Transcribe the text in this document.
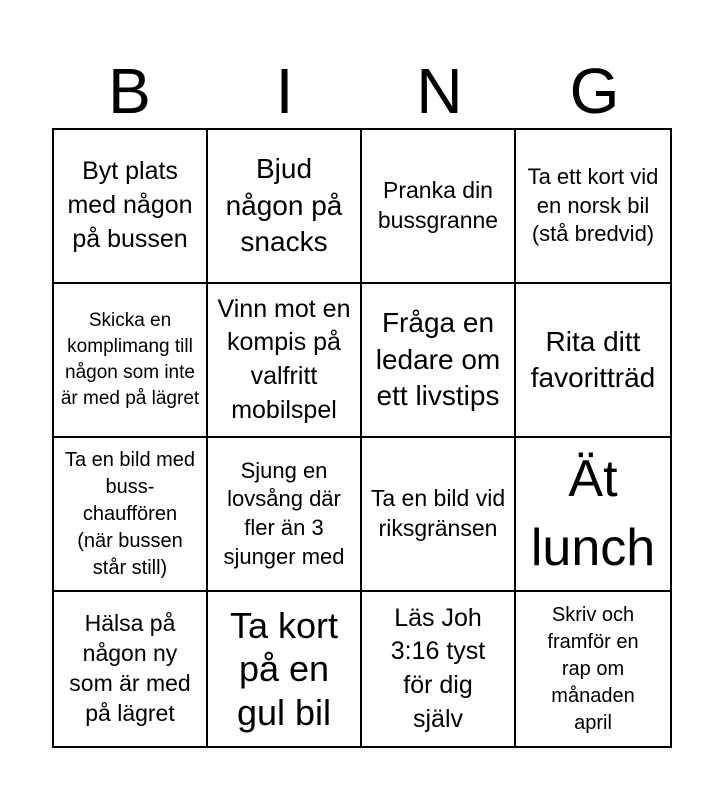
B	I	N	G
Byt plats med någon på bussen
Bjud någon på snacks
Pranka din bussgranne
Ta ett kort vid en norsk bil (stå bredvid)
Skicka en komplimang till någon som inte är med på lägret
Vinn mot en kompis på valfritt mobilspel
Fråga en ledare om ett livstips
Rita ditt favoritträd
Ta en bild med buss-chauffören (när bussen står still)
Sjung en lovsång där fler än 3 sjunger med
Ta en bild vid riksgränsen
Ät lunch
Hälsa på någon ny som är med på lägret
Ta kort på en gul bil
Läs Joh 3:16 tyst för dig själv
Skriv och framför en rap om månaden april
